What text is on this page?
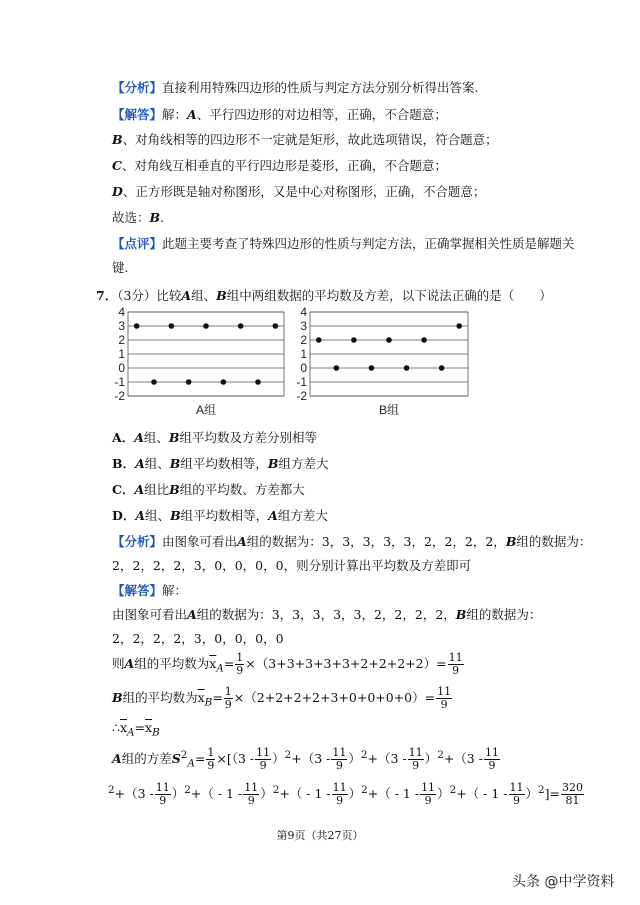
【分析】直接利用特殊四边形的性质与判定方法分别分析得出答案.
【解答】解：A、平行四边形的对边相等，正确，不合题意；
B、对角线相等的四边形不一定就是矩形，故此选项错误，符合题意；
C、对角线互相垂直的平行四边形是菱形，正确，不合题意；
D、正方形既是轴对称图形，又是中心对称图形，正确，不合题意；
故选：B.
【点评】此题主要考查了特殊四边形的性质与判定方法，正确掌握相关性质是解题关
键.
7．（3分）比较A组、B组中两组数据的平均数及方差，以下说法正确的是（　　）
-2
-1
0
1
2
3
4
A组
-2
-1
0
1
2
3
4
B组
A．A组、B组平均数及方差分别相等
B．A组、B组平均数相等，B组方差大
C．A组比B组的平均数、方差都大
D．A组、B组平均数相等，A组方差大
【分析】由图象可看出A组的数据为：3，3，3，3，3，2，2，2，2，B组的数据为：
2，2，2，2，3，0，0，0，0，则分别计算出平均数及方差即可
【解答】解：
由图象可看出A组的数据为：3，3，3，3，3，2，2，2，2，B组的数据为：
2，2，2，2，3，0，0，0，0
则A组的平均数为$\overline{x}_A= \frac{1}{9} \times(3+3+3+3+3+2+2+2+2)= \frac{11}{9}$
B组的平均数为$\overline{x}_B= \frac{1}{9} \times(2+2+2+2+3+0+0+0+0)= \frac{11}{9}$
$\therefore\overline{x}_A=\overline{x}_B$
A组的方差$S^2_A= \frac{1}{9} \times[(3 - \frac{11}{9} )^2+(3 - \frac{11}{9} )^2+(3 - \frac{11}{9} )^2+(3 - \frac{11}{9}$
$^2+(3 - \frac{11}{9} )^2+( - 1 - \frac{11}{9} )^2+( - 1 - \frac{11}{9} )^2+( - 1 - \frac{11}{9} )^2+( - 1 - \frac{11}{9} )^2]= \frac{320}{81}$
第9页（共27页）
头条 @中学资料
